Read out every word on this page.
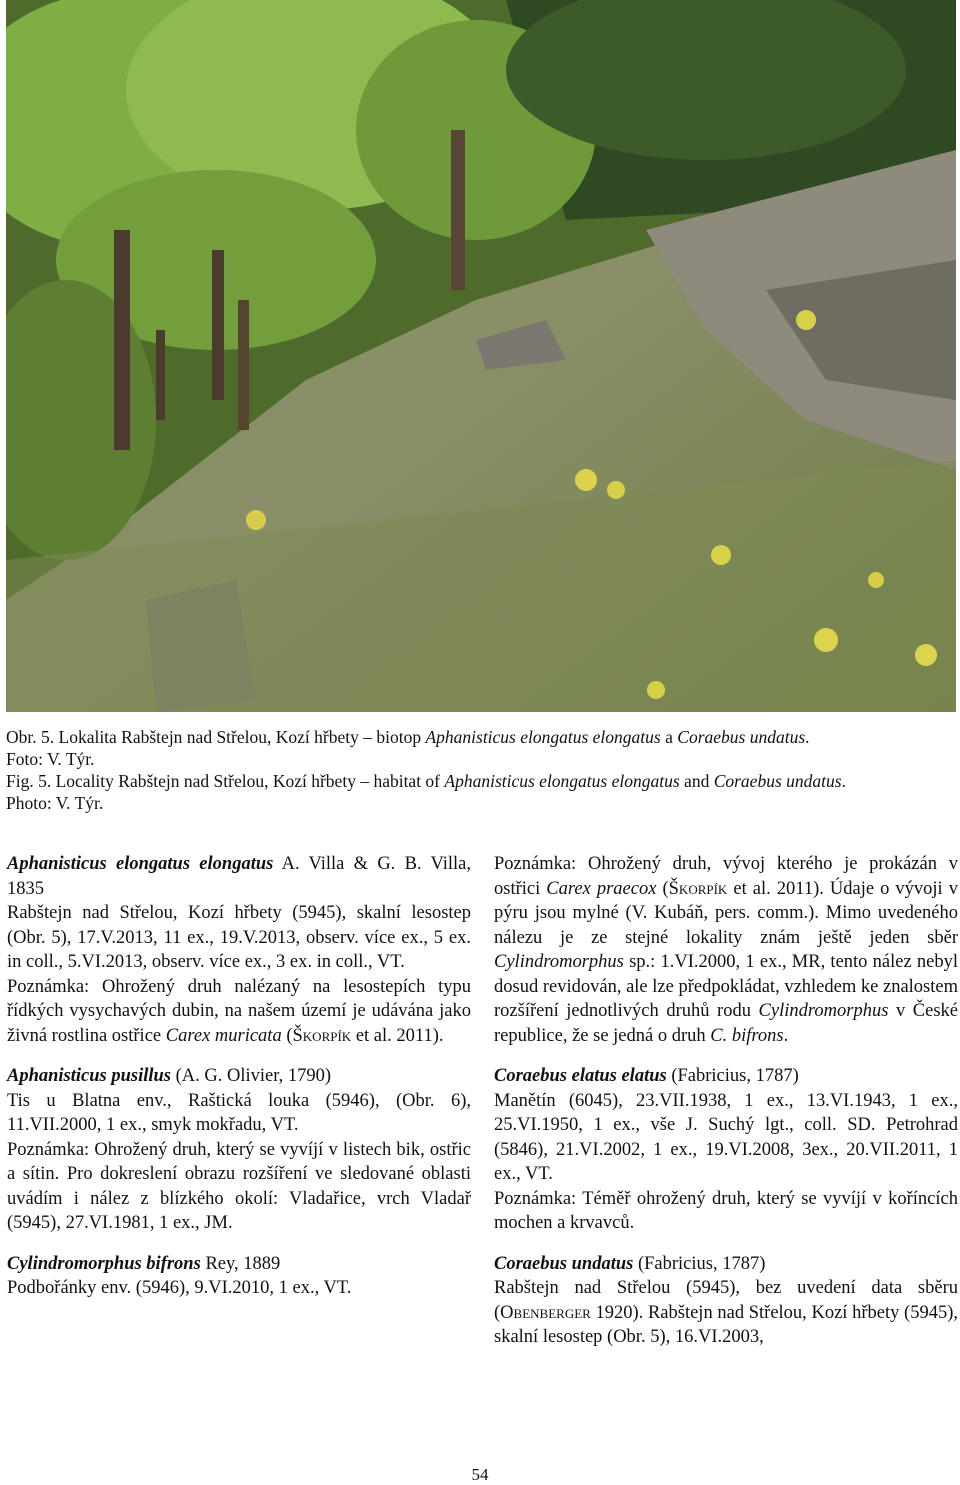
Obr. 5. Lokalita Rabštejn nad Střelou, Kozí hřbety – biotop Aphanisticus elongatus elongatus a Coraebus undatus.
Foto: V. Týr.

Fig. 5. Locality Rabštejn nad Střelou, Kozí hřbety – habitat of Aphanisticus elongatus elongatus and Coraebus undatus.
Photo: V. Týr.

Aphanisticus elongatus elongatus A. Villa & G. B. Villa, 1835

Rabštejn nad Střelou, Kozí hřbety (5945), skalní lesostep (Obr. 5), 17.V.2013, 11 ex., 19.V.2013, observ. více ex., 5 ex. in coll., 5.VI.2013, observ. více ex., 3 ex. in coll., VT.

Poznámka: Ohrožený druh nalézaný na lesostepích typu řídkých vysychavých dubin, na našem území je udávána jako živná rostlina ostřice Carex muricata (Škorpík et al. 2011).

Aphanisticus pusillus (A. G. Olivier, 1790)

Tis u Blatna env., Raštická louka (5946), (Obr. 6), 11.VII.2000, 1 ex., smyk mokřadu, VT.

Poznámka: Ohrožený druh, který se vyvíjí v listech bik, ostřic a sítin. Pro dokreslení obrazu rozšíření ve sledované oblasti uvádím i nález z blízkého okolí: Vladařice, vrch Vladař (5945), 27.VI.1981, 1 ex., JM.

Cylindromorphus bifrons Rey, 1889

Podbořánky env. (5946), 9.VI.2010, 1 ex., VT.

Poznámka: Ohrožený druh, vývoj kterého je prokázán v ostřici Carex praecox (Škorpík et al. 2011). Údaje o vývoji v pýru jsou mylné (V. Kubáň, pers. comm.). Mimo uvedeného nálezu je ze stejné lokality znám ještě jeden sběr Cylindromorphus sp.: 1.VI.2000, 1 ex., MR, tento nález nebyl dosud revidován, ale lze předpokládat, vzhledem ke znalostem rozšíření jednotlivých druhů rodu Cylindromorphus v České republice, že se jedná o druh C. bifrons.

Coraebus elatus elatus (Fabricius, 1787)

Manětín (6045), 23.VII.1938, 1 ex., 13.VI.1943, 1 ex., 25.VI.1950, 1 ex., vše J. Suchý lgt., coll. SD. Petrohrad (5846), 21.VI.2002, 1 ex., 19.VI.2008, 3ex., 20.VII.2011, 1 ex., VT.

Poznámka: Téměř ohrožený druh, který se vyvíjí v koříncích mochen a krvavců.

Coraebus undatus (Fabricius, 1787)

Rabštejn nad Střelou (5945), bez uvedení data sběru (Obenberger 1920). Rabštejn nad Střelou, Kozí hřbety (5945), skalní lesostep (Obr. 5), 16.VI.2003,

54
